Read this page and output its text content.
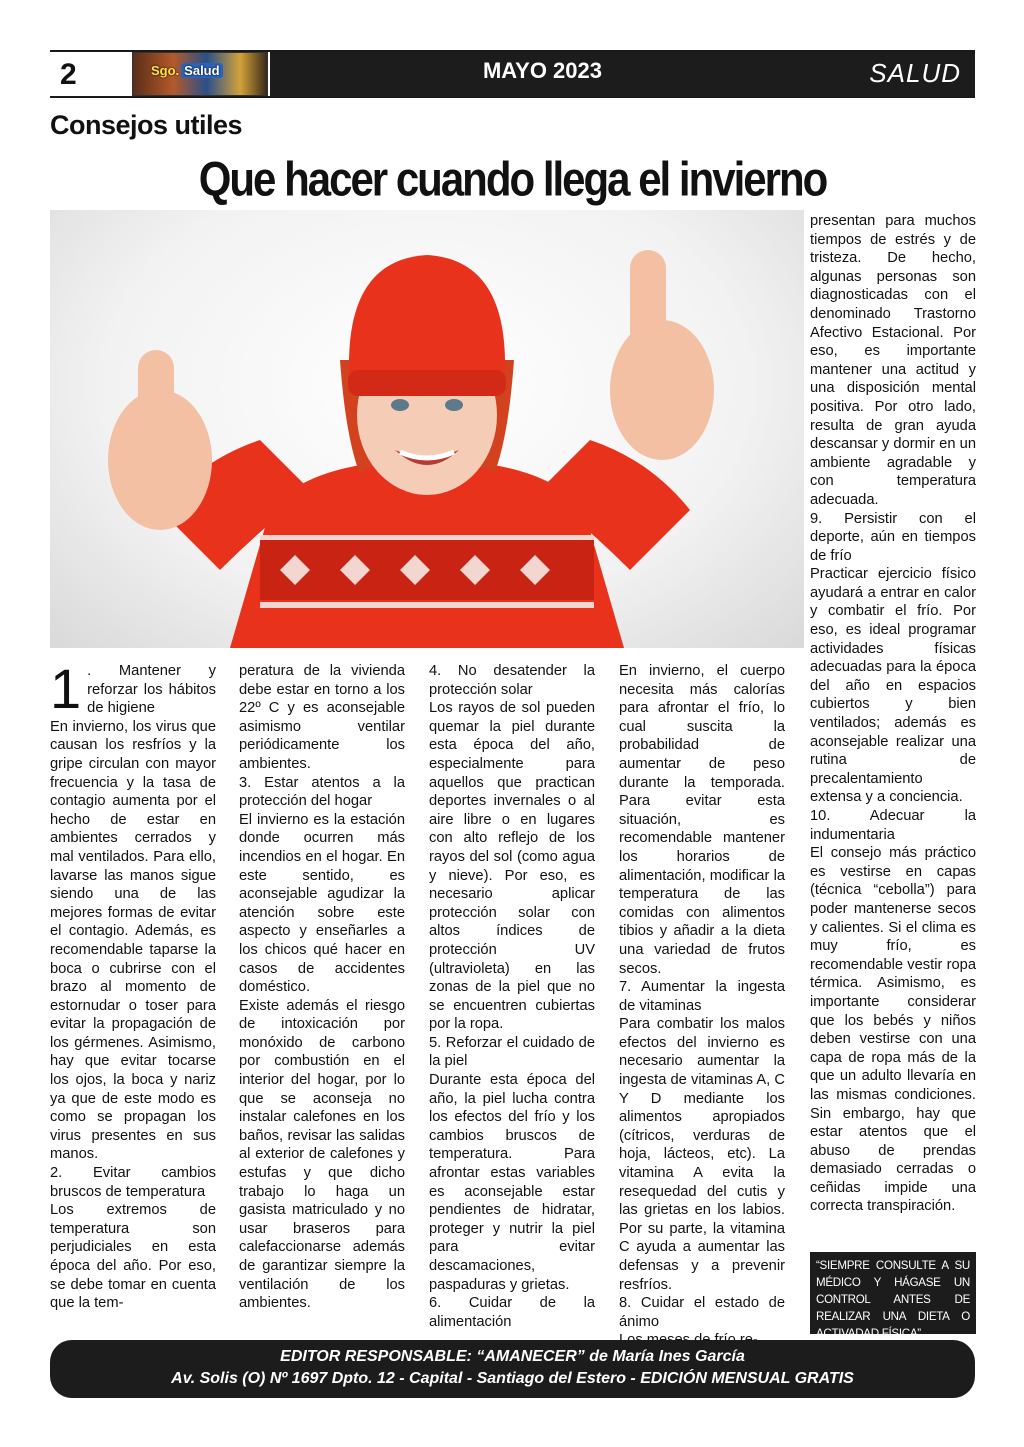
2	Sgo. Salud	MAYO 2023	SALUD
Consejos utiles
Que hacer cuando llega el invierno

1 . Mantener y reforzar los hábitos de higiene

En invierno, los virus que causan los resfríos y la gripe circulan con mayor frecuencia y la tasa de contagio aumenta por el hecho de estar en ambientes cerrados y mal ventilados. Para ello, lavarse las manos sigue siendo una de las mejores formas de evitar el contagio. Además, es recomendable taparse la boca o cubrirse con el brazo al momento de estornudar o toser para evitar la propagación de los gérmenes. Asimismo, hay que evitar tocarse los ojos, la boca y nariz ya que de este modo es como se propagan los virus presentes en sus manos.

2. Evitar cambios bruscos de temperatura

Los extremos de temperatura son perjudiciales en esta época del año. Por eso, se debe tomar en cuenta que la tem-

peratura de la vivienda debe estar en torno a los 22º C y es aconsejable asimismo ventilar periódicamente los ambientes.

3. Estar atentos a la protección del hogar

El invierno es la estación donde ocurren más incendios en el hogar. En este sentido, es aconsejable agudizar la atención sobre este aspecto y enseñarles a los chicos qué hacer en casos de accidentes doméstico.

Existe además el riesgo de intoxicación por monóxido de carbono por combustión en el interior del hogar, por lo que se aconseja no instalar calefones en los baños, revisar las salidas al exterior de calefones y estufas y que dicho trabajo lo haga un gasista matriculado y no usar braseros para calefaccionarse además de garantizar siempre la ventilación de los ambientes.

4. No desatender la protección solar

Los rayos de sol pueden quemar la piel durante esta época del año, especialmente para aquellos que practican deportes invernales o al aire libre o en lugares con alto reflejo de los rayos del sol (como agua y nieve). Por eso, es necesario aplicar protección solar con altos índices de protección UV (ultravioleta) en las zonas de la piel que no se encuentren cubiertas por la ropa.

5. Reforzar el cuidado de la piel

Durante esta época del año, la piel lucha contra los efectos del frío y los cambios bruscos de temperatura. Para afrontar estas variables es aconsejable estar pendientes de hidratar, proteger y nutrir la piel para evitar descamaciones, paspaduras y grietas.

6. Cuidar de la alimentación

En invierno, el cuerpo necesita más calorías para afrontar el frío, lo cual suscita la probabilidad de aumentar de peso durante la temporada. Para evitar esta situación, es recomendable mantener los horarios de alimentación, modificar la temperatura de las comidas con alimentos tibios y añadir a la dieta una variedad de frutos secos.

7. Aumentar la ingesta de vitaminas

Para combatir los malos efectos del invierno es necesario aumentar la ingesta de vitaminas A, C Y D mediante los alimentos apropiados (cítricos, verduras de hoja, lácteos, etc). La vitamina A evita la resequedad del cutis y las grietas en los labios. Por su parte, la vitamina C ayuda a aumentar las defensas y a prevenir resfríos.

8. Cuidar el estado de ánimo

presentan para muchos tiempos de estrés y de tristeza. De hecho, algunas personas son diagnosticadas con el denominado Trastorno Afectivo Estacional. Por eso, es importante mantener una actitud y una disposición mental positiva. Por otro lado, resulta de gran ayuda descansar y dormir en un ambiente agradable y con temperatura adecuada.

9. Persistir con el deporte, aún en tiempos de frío

Practicar ejercicio físico ayudará a entrar en calor y combatir el frío. Por eso, es ideal programar actividades físicas adecuadas para la época del año en espacios cubiertos y bien ventilados; además es aconsejable realizar una rutina de precalentamiento extensa y a conciencia.

10. Adecuar la indumentaria

El consejo más práctico es vestirse en capas (técnica “cebolla”) para poder mantenerse secos y calientes. Si el clima es muy frío, es recomendable vestir ropa térmica. Asimismo, es importante considerar que los bebés y niños deben vestirse con una capa de ropa más de la que un adulto llevaría en las mismas condiciones. Sin embargo, hay que estar atentos que el abuso de prendas demasiado cerradas o ceñidas impide una correcta transpiración.

“SIEMPRE CONSULTE A SU MÉDICO Y HÁGASE UN CONTROL ANTES DE REALIZAR UNA DIETA O ACTIVADAD FÍSICA”
EDITOR RESPONSABLE: “AMANECER” de María Ines García
Av. Solis (O) Nº 1697 Dpto. 12 - Capital - Santiago del Estero - EDICIÓN MENSUAL GRATIS
